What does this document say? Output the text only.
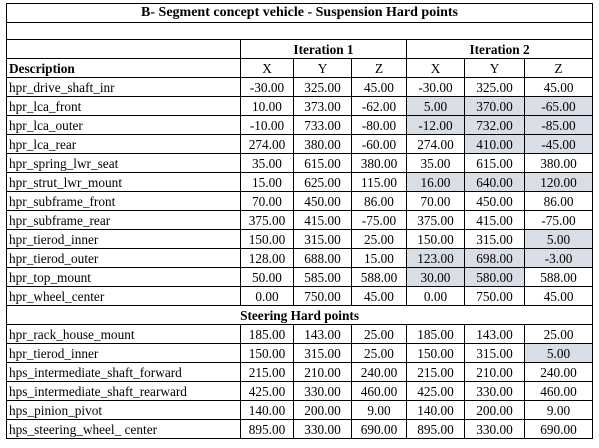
B- Segment concept vehicle - Suspension Hard points						

	Iteration 1			Iteration 2		
Description	X	Y	Z	X	Y	Z
hpr_drive_shaft_inr	-30.00	325.00	45.00	-30.00	325.00	45.00
hpr_lca_front	10.00	373.00	-62.00	5.00	370.00	-65.00
hpr_lca_outer	-10.00	733.00	-80.00	-12.00	732.00	-85.00
hpr_lca_rear	274.00	380.00	-60.00	274.00	410.00	-45.00
hpr_spring_lwr_seat	35.00	615.00	380.00	35.00	615.00	380.00
hpr_strut_lwr_mount	15.00	625.00	115.00	16.00	640.00	120.00
hpr_subframe_front	70.00	450.00	86.00	70.00	450.00	86.00
hpr_subframe_rear	375.00	415.00	-75.00	375.00	415.00	-75.00
hpr_tierod_inner	150.00	315.00	25.00	150.00	315.00	5.00
hpr_tierod_outer	128.00	688.00	15.00	123.00	698.00	-3.00
hpr_top_mount	50.00	585.00	588.00	30.00	580.00	588.00
hpr_wheel_center	0.00	750.00	45.00	0.00	750.00	45.00
Steering Hard points						
hpr_rack_house_mount	185.00	143.00	25.00	185.00	143.00	25.00
hpr_tierod_inner	150.00	315.00	25.00	150.00	315.00	5.00
hps_intermediate_shaft_forward	215.00	210.00	240.00	215.00	210.00	240.00
hps_intermediate_shaft_rearward	425.00	330.00	460.00	425.00	330.00	460.00
hps_pinion_pivot	140.00	200.00	9.00	140.00	200.00	9.00
hps_steering_wheel_ center	895.00	330.00	690.00	895.00	330.00	690.00
